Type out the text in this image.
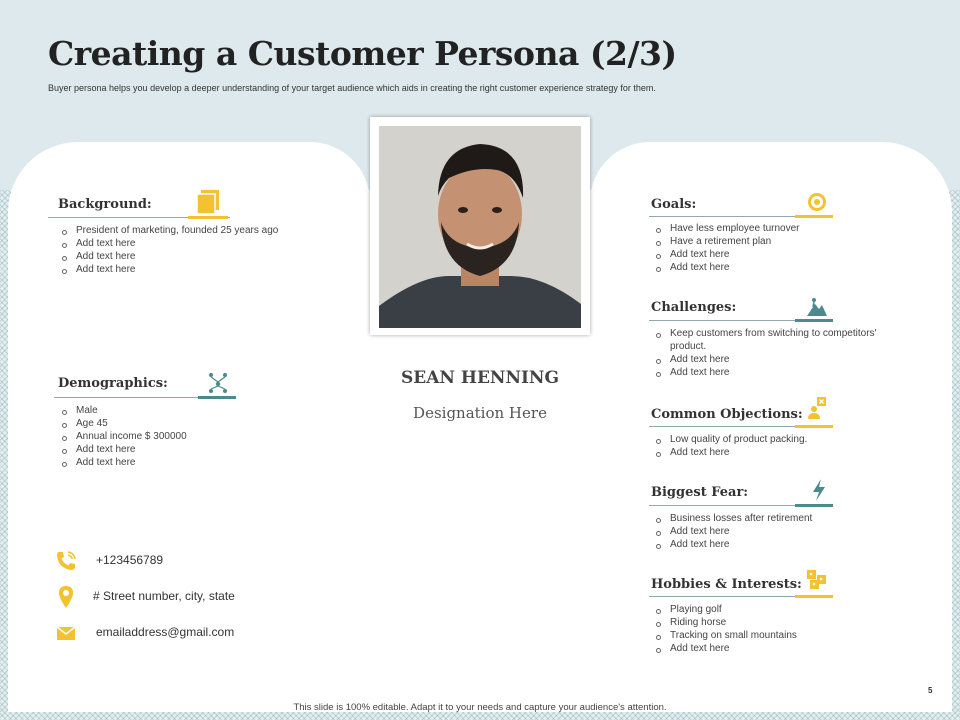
Creating a Customer Persona (2/3)

Buyer persona helps you develop a deeper understanding of your target audience which aids in creating the right customer experience strategy for them.

SEAN HENNING
Designation Here
Background:
President of marketing, founded 25 years ago
Add text here
Add text here
Add text here
Demographics:
Male
Age 45
Annual income $ 300000
Add text here
Add text here
+123456789
# Street number, city, state
emailaddress@gmail.com
Goals:
Have less employee turnover
Have a retirement plan
Add text here
Add text here
Challenges:
Keep customers from switching to competitors' product.
Add text here
Add text here
Common Objections:
Low quality of product packing.
Add text here
Biggest Fear:
Business losses after retirement
Add text here
Add text here
Hobbies & Interests:
Playing golf
Riding horse
Tracking on small mountains
Add text here
5
This slide is 100% editable. Adapt it to your needs and capture your audience's attention.
